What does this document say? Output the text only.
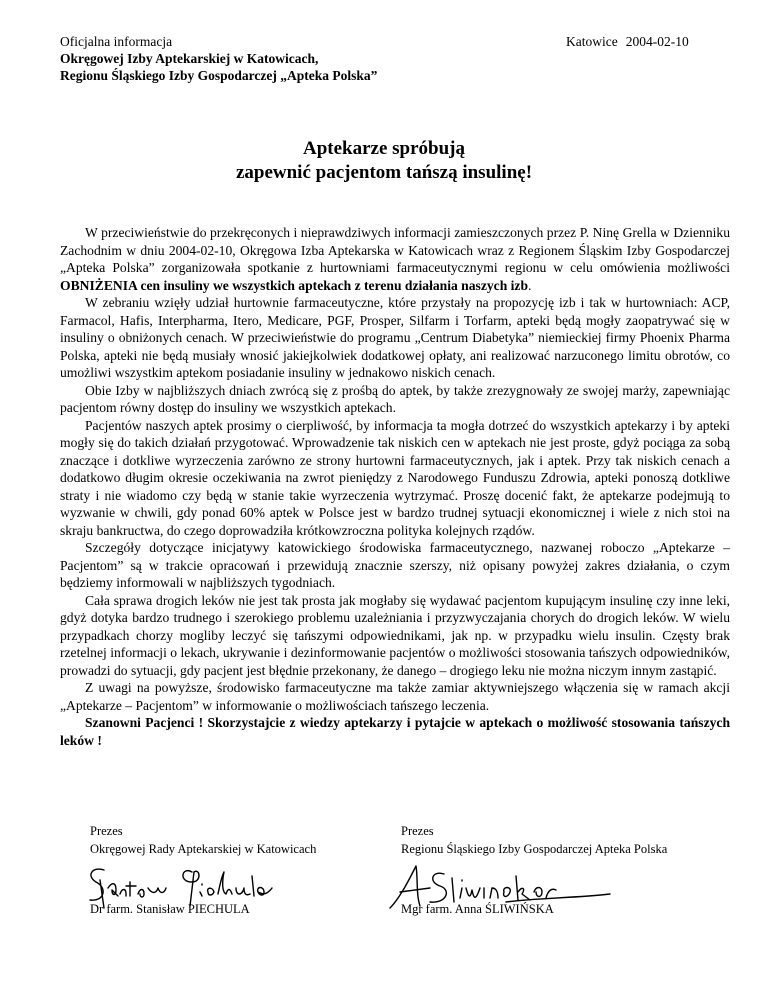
Oficjalna informacja
Okręgowej Izby Aptekarskiej w Katowicach,
Regionu Śląskiego Izby Gospodarczej „Apteka Polska”
Katowice 2004-02-10
Aptekarze spróbują
zapewnić pacjentom tańszą insulinę!

W przeciwieństwie do przekręconych i nieprawdziwych informacji zamieszczonych przez P. Ninę Grella w Dzienniku Zachodnim w dniu 2004-02-10, Okręgowa Izba Aptekarska w Katowicach wraz z Regionem Śląskim Izby Gospodarczej „Apteka Polska” zorganizowała spotkanie z hurtowniami farmaceutycznymi regionu w celu omówienia możliwości OBNIŻENIA cen insuliny we wszystkich aptekach z terenu działania naszych izb.

W zebraniu wzięły udział hurtownie farmaceutyczne, które przystały na propozycję izb i tak w hurtowniach: ACP, Farmacol, Hafis, Interpharma, Itero, Medicare, PGF, Prosper, Silfarm i Torfarm, apteki będą mogły zaopatrywać się w insuliny o obniżonych cenach. W przeciwieństwie do programu „Centrum Diabetyka” niemieckiej firmy Phoenix Pharma Polska, apteki nie będą musiały wnosić jakiejkolwiek dodatkowej opłaty, ani realizować narzuconego limitu obrotów, co umożliwi wszystkim aptekom posiadanie insuliny w jednakowo niskich cenach.

Obie Izby w najbliższych dniach zwrócą się z prośbą do aptek, by także zrezygnowały ze swojej marży, zapewniając pacjentom równy dostęp do insuliny we wszystkich aptekach.

Pacjentów naszych aptek prosimy o cierpliwość, by informacja ta mogła dotrzeć do wszystkich aptekarzy i by apteki mogły się do takich działań przygotować. Wprowadzenie tak niskich cen w aptekach nie jest proste, gdyż pociąga za sobą znaczące i dotkliwe wyrzeczenia zarówno ze strony hurtowni farmaceutycznych, jak i aptek. Przy tak niskich cenach a dodatkowo długim okresie oczekiwania na zwrot pieniędzy z Narodowego Funduszu Zdrowia, apteki ponoszą dotkliwe straty i nie wiadomo czy będą w stanie takie wyrzeczenia wytrzymać. Proszę docenić fakt, że aptekarze podejmują to wyzwanie w chwili, gdy ponad 60% aptek w Polsce jest w bardzo trudnej sytuacji ekonomicznej i wiele z nich stoi na skraju bankructwa, do czego doprowadziła krótkowzroczna polityka kolejnych rządów.

Szczegóły dotyczące inicjatywy katowickiego środowiska farmaceutycznego, nazwanej roboczo „Aptekarze – Pacjentom” są w trakcie opracowań i przewidują znacznie szerszy, niż opisany powyżej zakres działania, o czym będziemy informowali w najbliższych tygodniach.

Cała sprawa drogich leków nie jest tak prosta jak mogłaby się wydawać pacjentom kupującym insulinę czy inne leki, gdyż dotyka bardzo trudnego i szerokiego problemu uzależniania i przyzwyczajania chorych do drogich leków. W wielu przypadkach chorzy mogliby leczyć się tańszymi odpowiednikami, jak np. w przypadku wielu insulin. Częsty brak rzetelnej informacji o lekach, ukrywanie i dezinformowanie pacjentów o możliwości stosowania tańszych odpowiedników, prowadzi do sytuacji, gdy pacjent jest błędnie przekonany, że danego – drogiego leku nie można niczym innym zastąpić.

Z uwagi na powyższe, środowisko farmaceutyczne ma także zamiar aktywniejszego włączenia się w ramach akcji „Aptekarze – Pacjentom” w informowanie o możliwościach tańszego leczenia.

Szanowni Pacjenci ! Skorzystajcie z wiedzy aptekarzy i pytajcie w aptekach o możliwość stosowania tańszych leków !

Prezes
Okręgowej Rady Aptekarskiej w Katowicach
Dr farm. Stanisław PIECHULA
Prezes
Regionu Śląskiego Izby Gospodarczej Apteka Polska
Mgr farm. Anna ŚLIWIŃSKA
